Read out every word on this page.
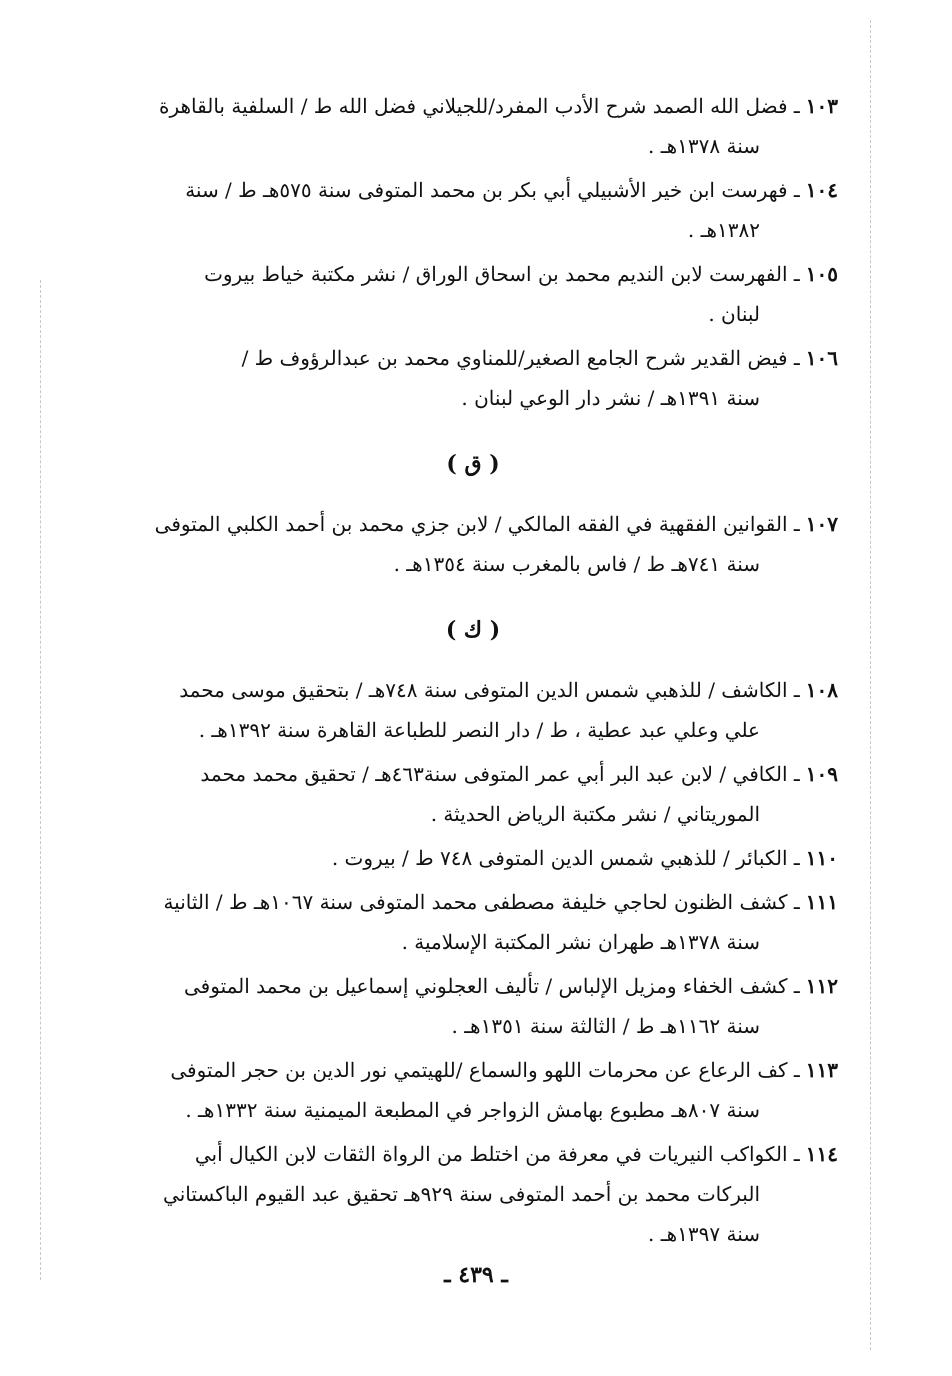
١٠٣ـ فضل الله الصمد شرح الأدب المفرد/للجيلاني فضل الله ط / السلفية بالقاهرة
سنة ١٣٧٨هـ .
١٠٤ـ فهرست ابن خير الأشبيلي أبي بكر بن محمد المتوفى سنة ٥٧٥هـ ط / سنة
١٣٨٢هـ .
١٠٥ـ الفهرست لابن النديم محمد بن اسحاق الوراق / نشر مكتبة خياط بيروت
لبنان .
١٠٦ـ فيض القدير شرح الجامع الصغير/للمناوي محمد بن عبدالرؤوف ط /
سنة ١٣٩١هـ / نشر دار الوعي لبنان .
( ق )
١٠٧ـ القوانين الفقهية في الفقه المالكي / لابن جزي محمد بن أحمد الكلبي المتوفى
سنة ٧٤١هـ ط / فاس بالمغرب سنة ١٣٥٤هـ .
( ك )
١٠٨ـ الكاشف / للذهبي شمس الدين المتوفى سنة ٧٤٨هـ / بتحقيق موسى محمد
علي وعلي عبد عطية ، ط / دار النصر للطباعة القاهرة سنة ١٣٩٢هـ .
١٠٩ـ الكافي / لابن عبد البر أبي عمر المتوفى سنة٤٦٣هـ / تحقيق محمد محمد
الموريتاني / نشر مكتبة الرياض الحديثة .
١١٠ـ الكبائر / للذهبي شمس الدين المتوفى ٧٤٨ ط / بيروت .
١١١ـ كشف الظنون لحاجي خليفة مصطفى محمد المتوفى سنة ١٠٦٧هـ ط / الثانية
سنة ١٣٧٨هـ طهران نشر المكتبة الإسلامية .
١١٢ـ كشف الخفاء ومزيل الإلباس / تأليف العجلوني إسماعيل بن محمد المتوفى
سنة ١١٦٢هـ ط / الثالثة سنة ١٣٥١هـ .
١١٣ـ كف الرعاع عن محرمات اللهو والسماع /للهيتمي نور الدين بن حجر المتوفى
سنة ٨٠٧هـ مطبوع بهامش الزواجر في المطبعة الميمنية سنة ١٣٣٢هـ .
١١٤ـ الكواكب النيريات في معرفة من اختلط من الرواة الثقات لابن الكيال أبي
البركات محمد بن أحمد المتوفى سنة ٩٢٩هـ تحقيق عبد القيوم الباكستاني
سنة ١٣٩٧هـ .
ـ ٤٣٩ ـ
